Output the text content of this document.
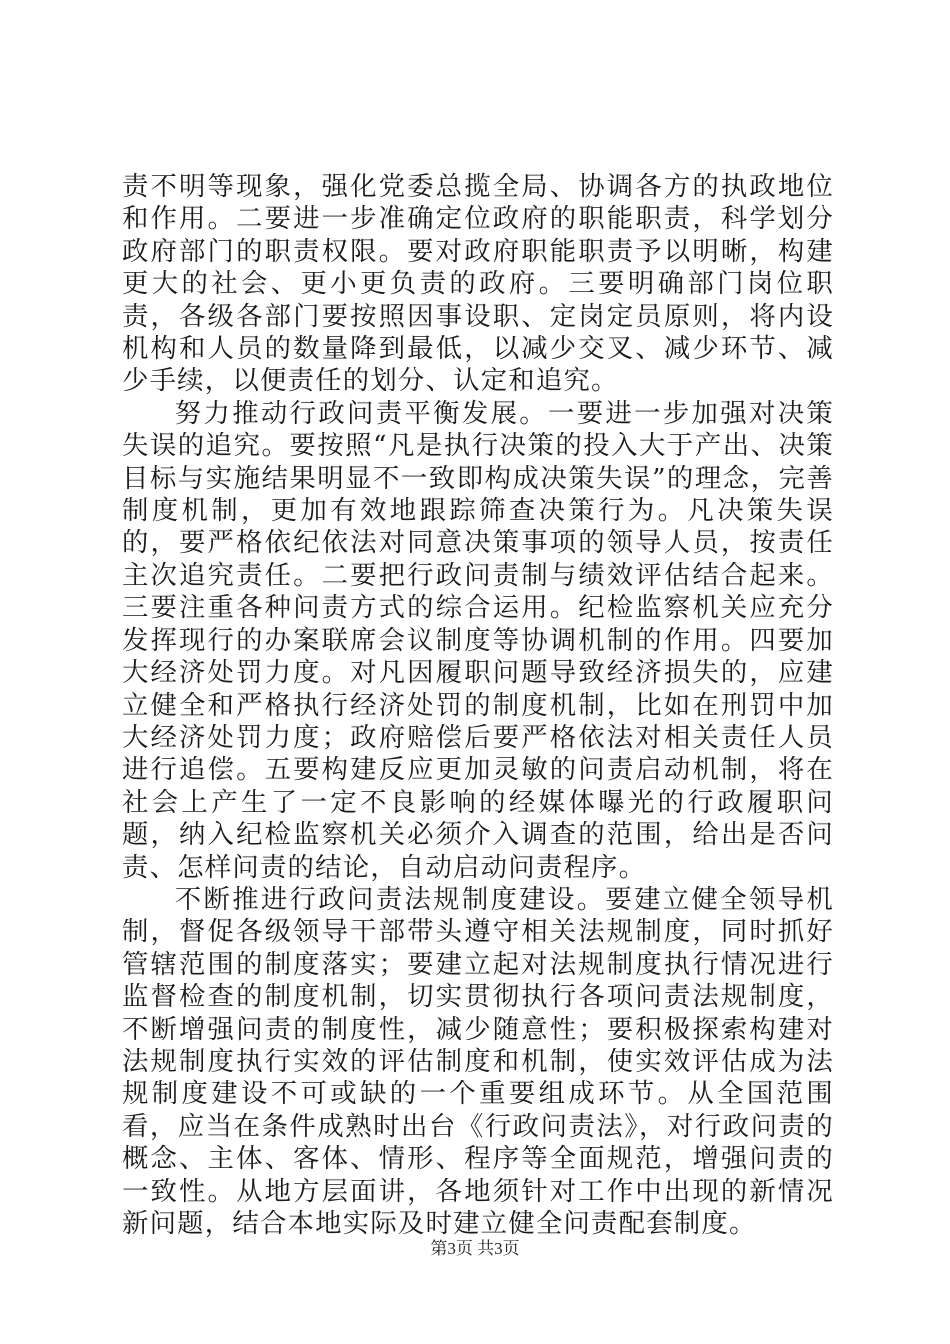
责不明等现象，强化党委总揽全局、协调各方的执政地位和作用。二要进一步准确定位政府的职能职责，科学划分政府部门的职责权限。要对政府职能职责予以明晰，构建更大的社会、更小更负责的政府。三要明确部门岗位职责，各级各部门要按照因事设职、定岗定员原则，将内设机构和人员的数量降到最低，以减少交叉、减少环节、减少手续，以便责任的划分、认定和追究。

努力推动行政问责平衡发展。一要进一步加强对决策失误的追究。要按照“凡是执行决策的投入大于产出、决策目标与实施结果明显不一致即构成决策失误”的理念，完善制度机制，更加有效地跟踪筛查决策行为。凡决策失误的，要严格依纪依法对同意决策事项的领导人员，按责任主次追究责任。二要把行政问责制与绩效评估结合起来。三要注重各种问责方式的综合运用。纪检监察机关应充分发挥现行的办案联席会议制度等协调机制的作用。四要加大经济处罚力度。对凡因履职问题导致经济损失的，应建立健全和严格执行经济处罚的制度机制，比如在刑罚中加大经济处罚力度；政府赔偿后要严格依法对相关责任人员进行追偿。五要构建反应更加灵敏的问责启动机制，将在社会上产生了一定不良影响的经媒体曝光的行政履职问题，纳入纪检监察机关必须介入调查的范围，给出是否问责、怎样问责的结论，自动启动问责程序。

不断推进行政问责法规制度建设。要建立健全领导机制，督促各级领导干部带头遵守相关法规制度，同时抓好管辖范围的制度落实；要建立起对法规制度执行情况进行监督检查的制度机制，切实贯彻执行各项问责法规制度，不断增强问责的制度性，减少随意性；要积极探索构建对法规制度执行实效的评估制度和机制，使实效评估成为法规制度建设不可或缺的一个重要组成环节。从全国范围看，应当在条件成熟时出台《行政问责法》，对行政问责的概念、主体、客体、情形、程序等全面规范，增强问责的一致性。从地方层面讲，各地须针对工作中出现的新情况新问题，结合本地实际及时建立健全问责配套制度。

第3页 共3页
